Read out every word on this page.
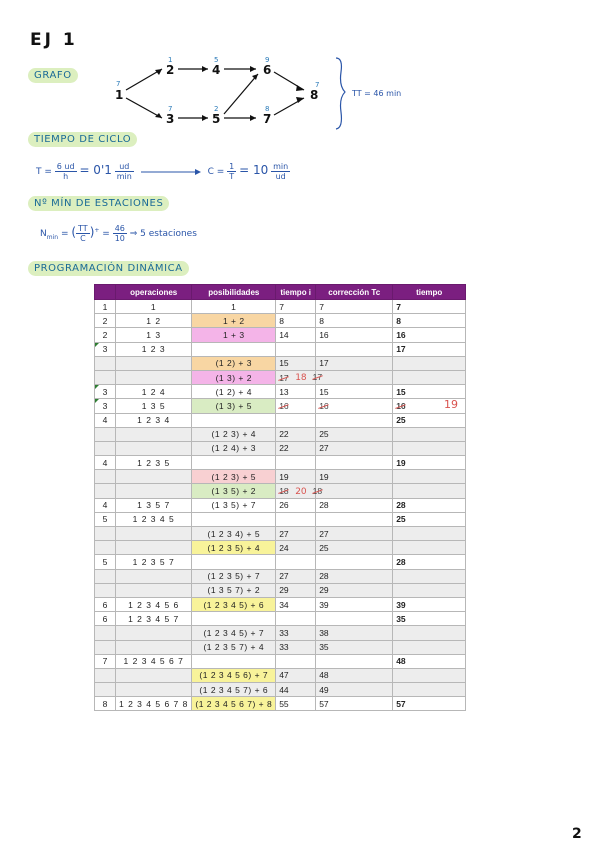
EJ 1
GRAFO
1
2
3
4
5
6
7
8
7
1
7
5
2
9
8
7
TT = 46 min
TIEMPO DE CICLO
$T = \frac{6 ud}{h} = 0'1 \frac{ud}{\min}$	$C = \frac{1}{T} = 10 \frac{\min}{ud}$
Nº MÍN DE ESTACIONES
$N_{min}$ = ( $\frac{TT}{C} )^+ = \frac{46}{10}$ ⇒ 5 estaciones
PROGRAMACIÓN DINÁMICA
	operaciones	posibilidades	tiempo i	corrección Tc	tiempo
1	1	1	7	7	7
2	1 2	1 + 2	8	8	8
2	1 3	1 + 3	14	16	16
3	1 2 3				17
		(1 2) + 3	15	17	
		(1 3) + 2	17	18 17	
3	1 2 4	(1 2) + 4	13	15	15
3	1 3 5	(1 3) + 5	16	16	16
4	1 2 3 4				25
		(1 2 3) + 4	22	25	
		(1 2 4) + 3	22	27	
4	1 2 3 5				19
		(1 2 3) + 5	19	19	
		(1 3 5) + 2	18	20 18	
4	1 3 5 7	(1 3 5) + 7	26	28	28
5	1 2 3 4 5				25
		(1 2 3 4) + 5	27	27	
		(1 2 3 5) + 4	24	25	
5	1 2 3 5 7				28
		(1 2 3 5) + 7	27	28	
		(1 3 5 7) + 2	29	29	
6	1 2 3 4 5 6	(1 2 3 4 5) + 6	34	39	39
6	1 2 3 4 5 7				35
		(1 2 3 4 5) + 7	33	38	
		(1 2 3 5 7) + 4	33	35	
7	1 2 3 4 5 6 7				48
		(1 2 3 4 5 6) + 7	47	48	
		(1 2 3 4 5 7) + 6	44	49	
8	1 2 3 4 5 6 7 8	(1 2 3 4 5 6 7) + 8	55	57	57
19
2
